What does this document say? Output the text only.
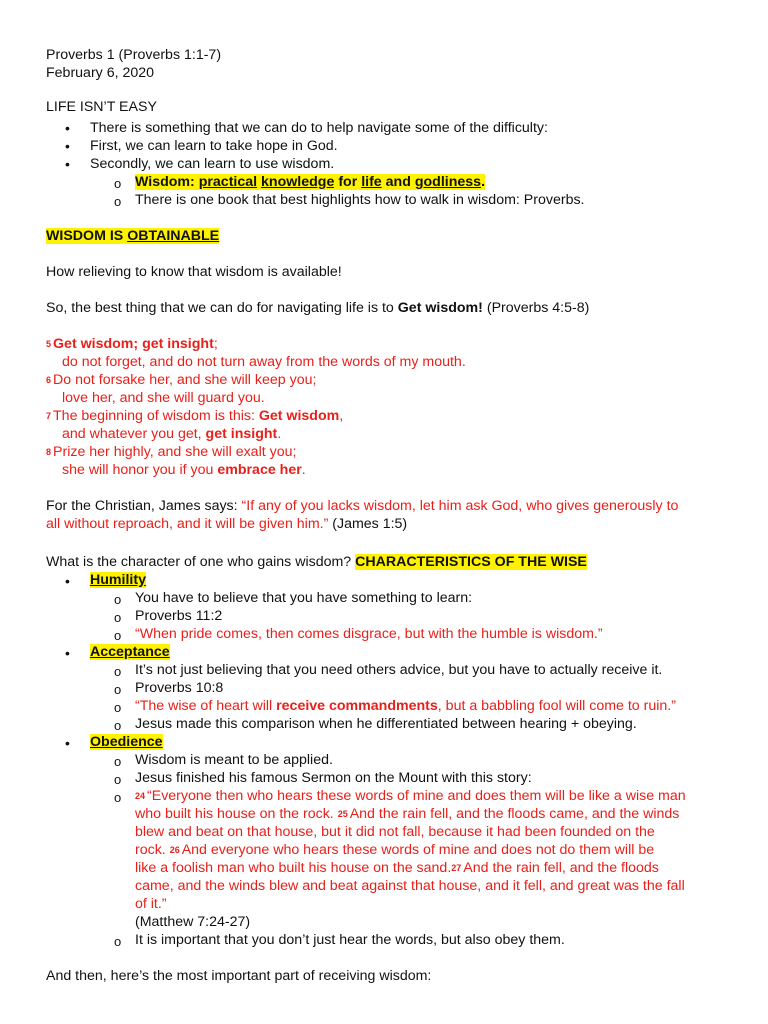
Proverbs 1 (Proverbs 1:1-7)
February 6, 2020
LIFE ISN’T EASY
•
There is something that we can do to help navigate some of the difficulty:
•
First, we can learn to take hope in God.
•
Secondly, we can learn to use wisdom.
o
Wisdom: practical knowledge for life and godliness.
o
There is one book that best highlights how to walk in wisdom: Proverbs.
WISDOM IS OBTAINABLE
How relieving to know that wisdom is available!
So, the best thing that we can do for navigating life is to Get wisdom! (Proverbs 4:5-8)
5 Get wisdom; get insight;
do not forget, and do not turn away from the words of my mouth.
6 Do not forsake her, and she will keep you;
love her, and she will guard you.
7 The beginning of wisdom is this: Get wisdom,
and whatever you get, get insight.
8 Prize her highly, and she will exalt you;
she will honor you if you embrace her.
For the Christian, James says: “If any of you lacks wisdom, let him ask God, who gives generously to
all without reproach, and it will be given him.” (James 1:5)
What is the character of one who gains wisdom? CHARACTERISTICS OF THE WISE
•
Humility
o
You have to believe that you have something to learn:
o
Proverbs 11:2
o
“When pride comes, then comes disgrace, but with the humble is wisdom.”
•
Acceptance
o
It’s not just believing that you need others advice, but you have to actually receive it.
o
Proverbs 10:8
o
“The wise of heart will receive commandments, but a babbling fool will come to ruin.”
o
Jesus made this comparison when he differentiated between hearing + obeying.
•
Obedience
o
Wisdom is meant to be applied.
o
Jesus finished his famous Sermon on the Mount with this story:
o
24 “Everyone then who hears these words of mine and does them will be like a wise man
who built his house on the rock. 25 And the rain fell, and the floods came, and the winds
blew and beat on that house, but it did not fall, because it had been founded on the
rock. 26 And everyone who hears these words of mine and does not do them will be
like a foolish man who built his house on the sand.27 And the rain fell, and the floods
came, and the winds blew and beat against that house, and it fell, and great was the fall
of it.”
(Matthew 7:24-27)
o
It is important that you don’t just hear the words, but also obey them.
And then, here’s the most important part of receiving wisdom:
